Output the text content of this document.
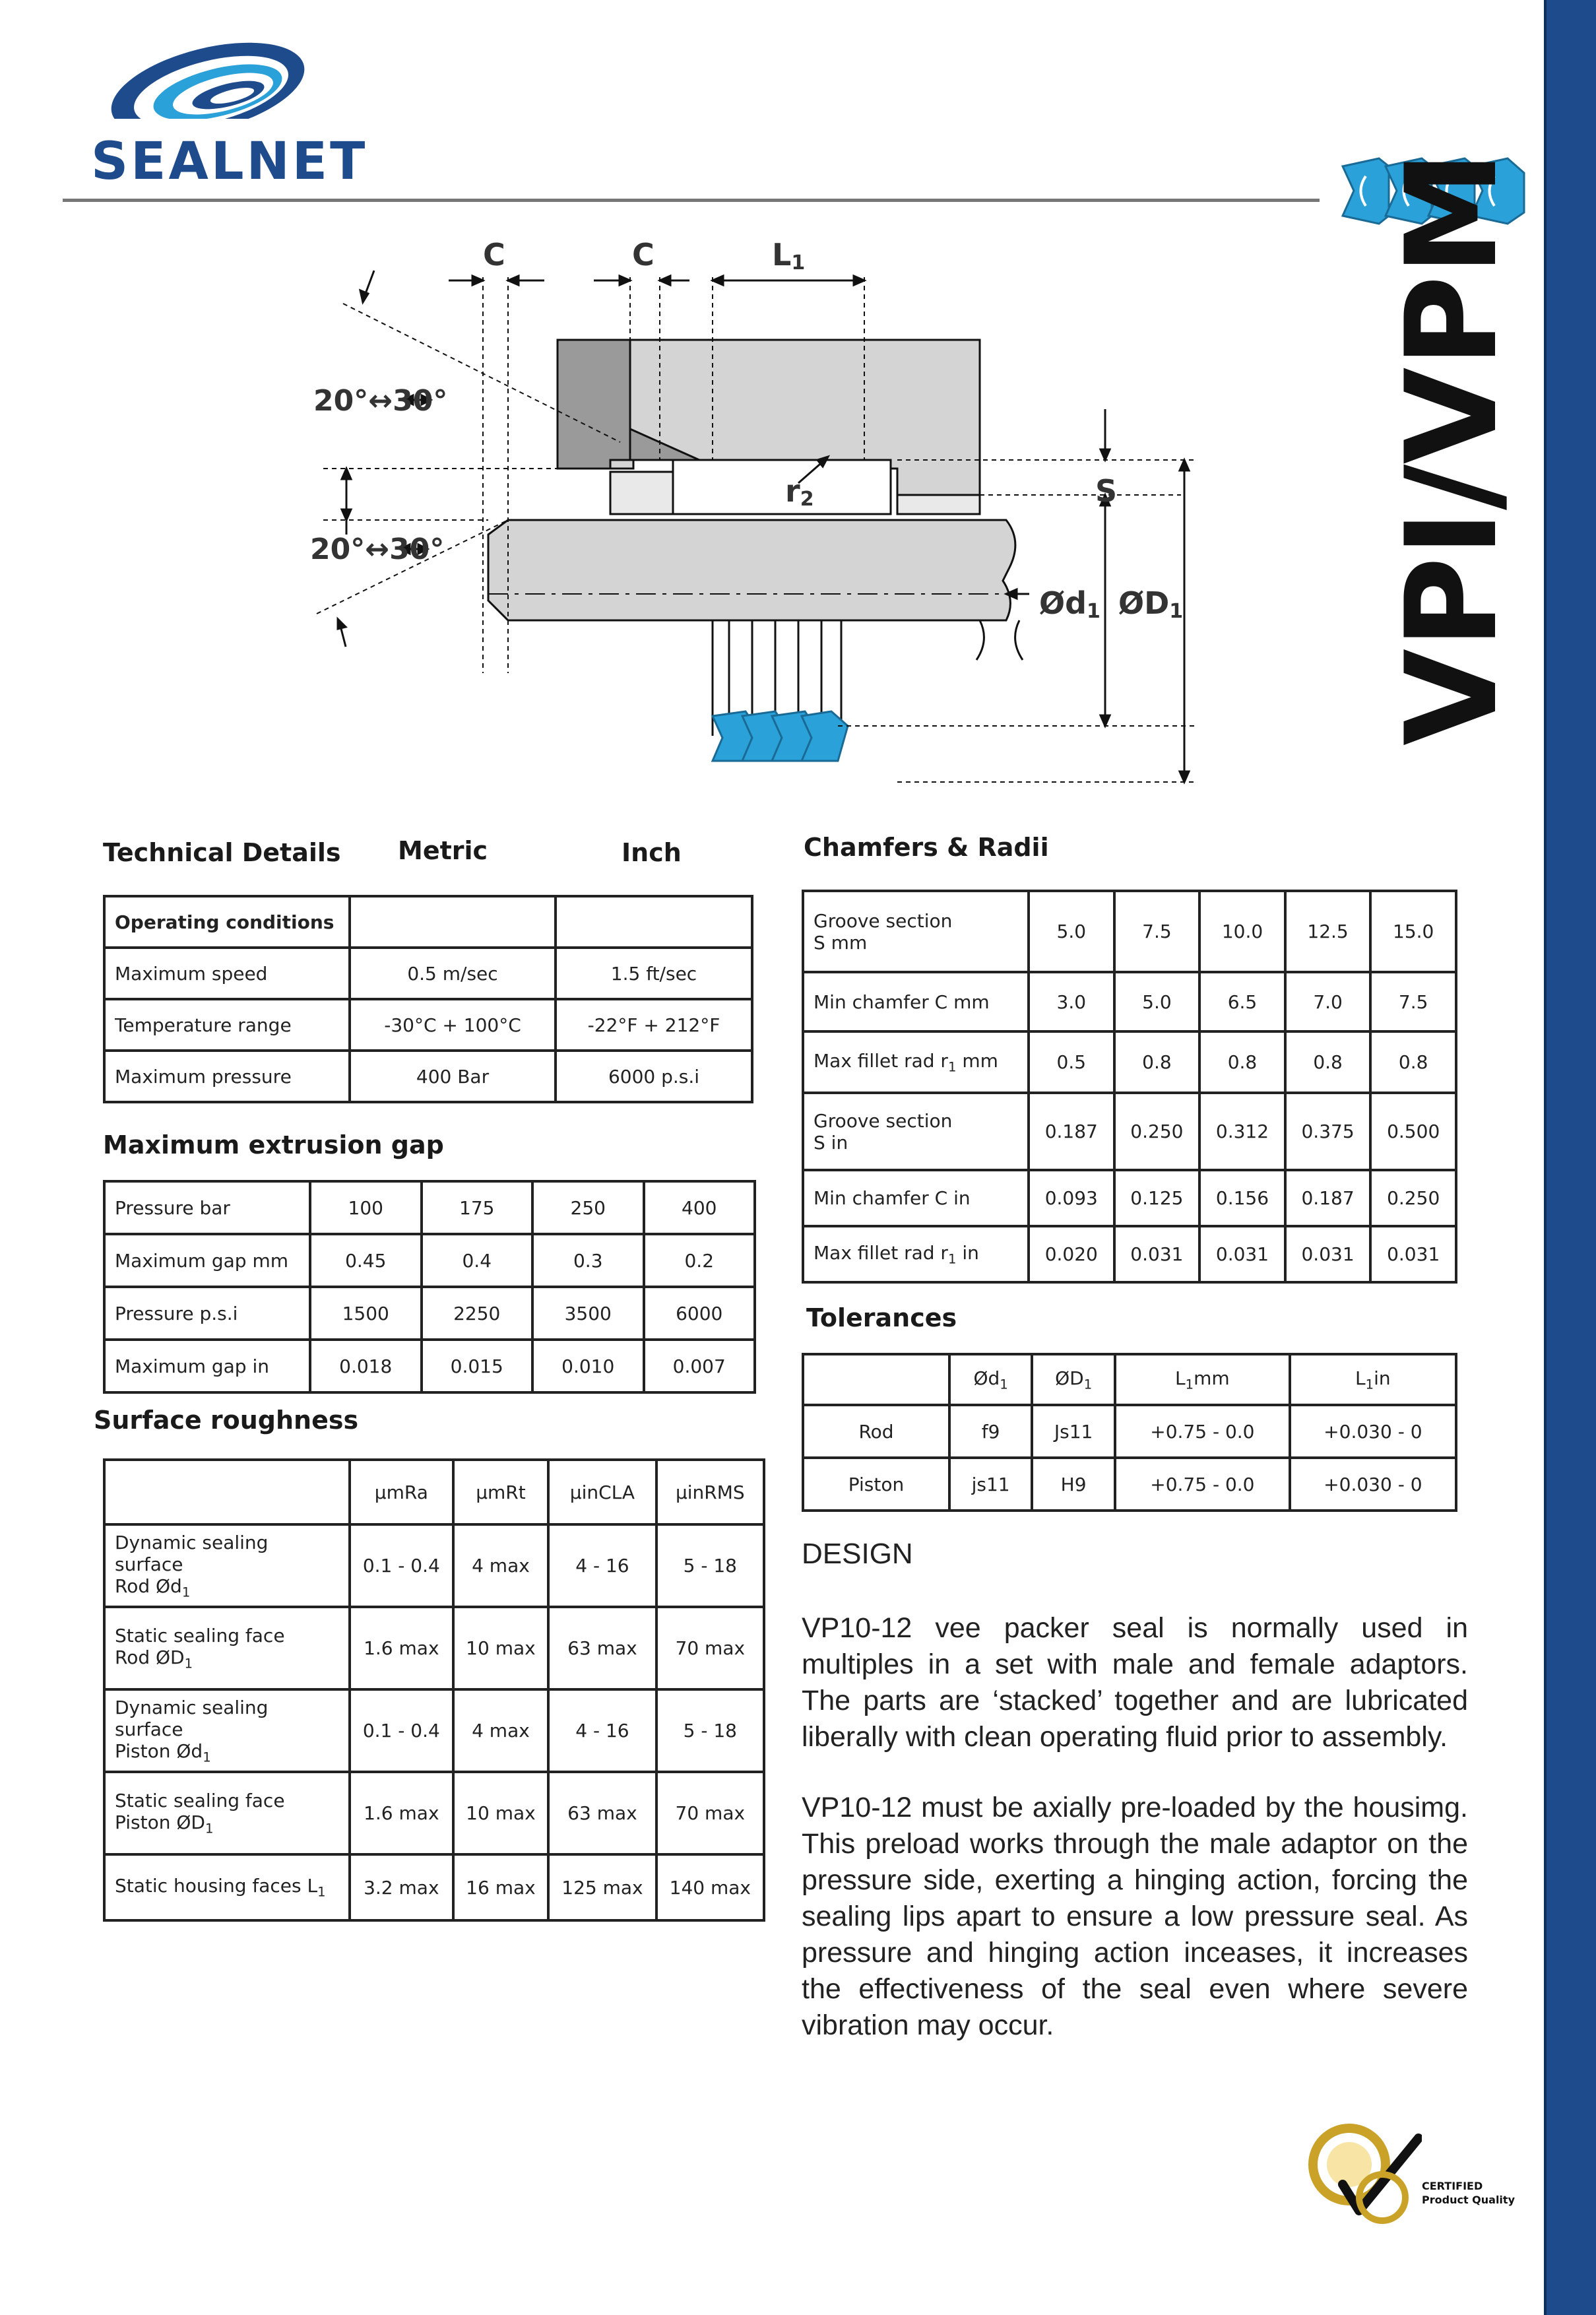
SEALNET	VPI/VPM
C	C	L1
20°↔30°
20°↔30°
r2	S
Ød1 ØD1
Technical Details Metric	Inch
Operating conditions		
Maximum speed	0.5 m/sec	1.5 ft/sec
Temperature range	-30°C + 100°C	-22°F + 212°F
Maximum pressure	400 Bar	6000 p.s.i
Maximum extrusion gap
Pressure bar	100	175	250	400
Maximum gap mm	0.45	0.4	0.3	0.2
Pressure p.s.i	1500	2250	3500	6000
Maximum gap in	0.018	0.015	0.010	0.007
Surface roughness
	µmRa	µmRt	µinCLA	µinRMS
Dynamic sealing surface
Rod $Ød_1$	0.1 - 0.4	4 max	4 - 16	5 - 18
Static sealing face
Rod $ØD_1$	1.6 max	10 max	63 max	70 max
Dynamic sealing surface
Piston $Ød_1$	0.1 - 0.4	4 max	4 - 16	5 - 18
Static sealing face
Piston $ØD_1$	1.6 max	10 max	63 max	70 max
Static housing faces $L_1$	3.2 max	16 max	125 max	140 max
Chamfers & Radii
Groove section
S mm	5.0	7.5	10.0	12.5	15.0
Min chamfer C mm	3.0	5.0	6.5	7.0	7.5
Max fillet rad $r_1$ mm	0.5	0.8	0.8	0.8	0.8
Groove section
S in	0.187	0.250	0.312	0.375	0.500
Min chamfer C in	0.093	0.125	0.156	0.187	0.250
Max fillet rad $r_1$ in	0.020	0.031	0.031	0.031	0.031
Tolerances
	$Ød_1$	$ØD_1$	$L_1mm$	$L_1in$
Rod	f9	Js11	+0.75 - 0.0	+0.030 - 0
Piston	js11	H9	+0.75 - 0.0	+0.030 - 0
DESIGN
VP10-12 vee packer seal is normally used in multiples in a set with male and female adaptors. The parts are ‘stacked’ together and are lubricated liberally with clean operating fluid prior to assembly.
VP10-12 must be axially pre-loaded by the housimg. This preload works through the male adaptor on the pressure side, exerting a hinging action, forcing the sealing lips apart to ensure a low pressure seal. As pressure and hinging action inceases, it increases the effectiveness of the seal even where severe vibration may occur.
CERTIFIED
Product Quality
